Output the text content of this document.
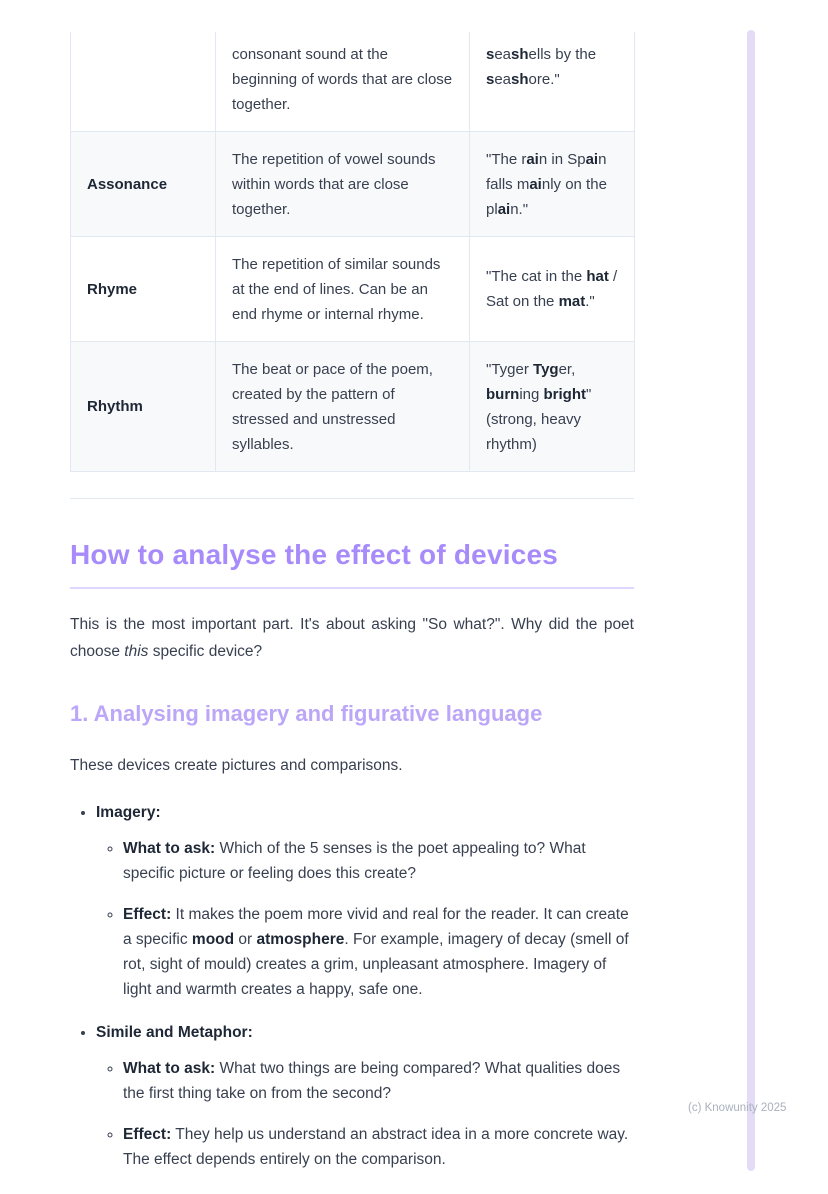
	consonant sound at the beginning of words that are close together.	seashells by the seashore."
Assonance	The repetition of vowel sounds within words that are close together.	"The rain in Spain falls mainly on the plain."
Rhyme	The repetition of similar sounds at the end of lines. Can be an end rhyme or internal rhyme.	"The cat in the hat / Sat on the mat."
Rhythm	The beat or pace of the poem, created by the pattern of stressed and unstressed syllables.	"Tyger Tyger, burning bright" (strong, heavy rhythm)
How to analyse the effect of devices

This is the most important part. It's about asking "So what?". Why did the poet choose this specific device?

1. Analysing imagery and figurative language

These devices create pictures and comparisons.

• Imagery:
◦ What to ask: Which of the 5 senses is the poet appealing to? What specific picture or feeling does this create?
◦ Effect: It makes the poem more vivid and real for the reader. It can create a specific mood or atmosphere. For example, imagery of decay (smell of rot, sight of mould) creates a grim, unpleasant atmosphere. Imagery of light and warmth creates a happy, safe one.
• Simile and Metaphor:
◦ What to ask: What two things are being compared? What qualities does the first thing take on from the second?
◦ Effect: They help us understand an abstract idea in a more concrete way. The effect depends entirely on the comparison.
(c) Knowunity 2025
